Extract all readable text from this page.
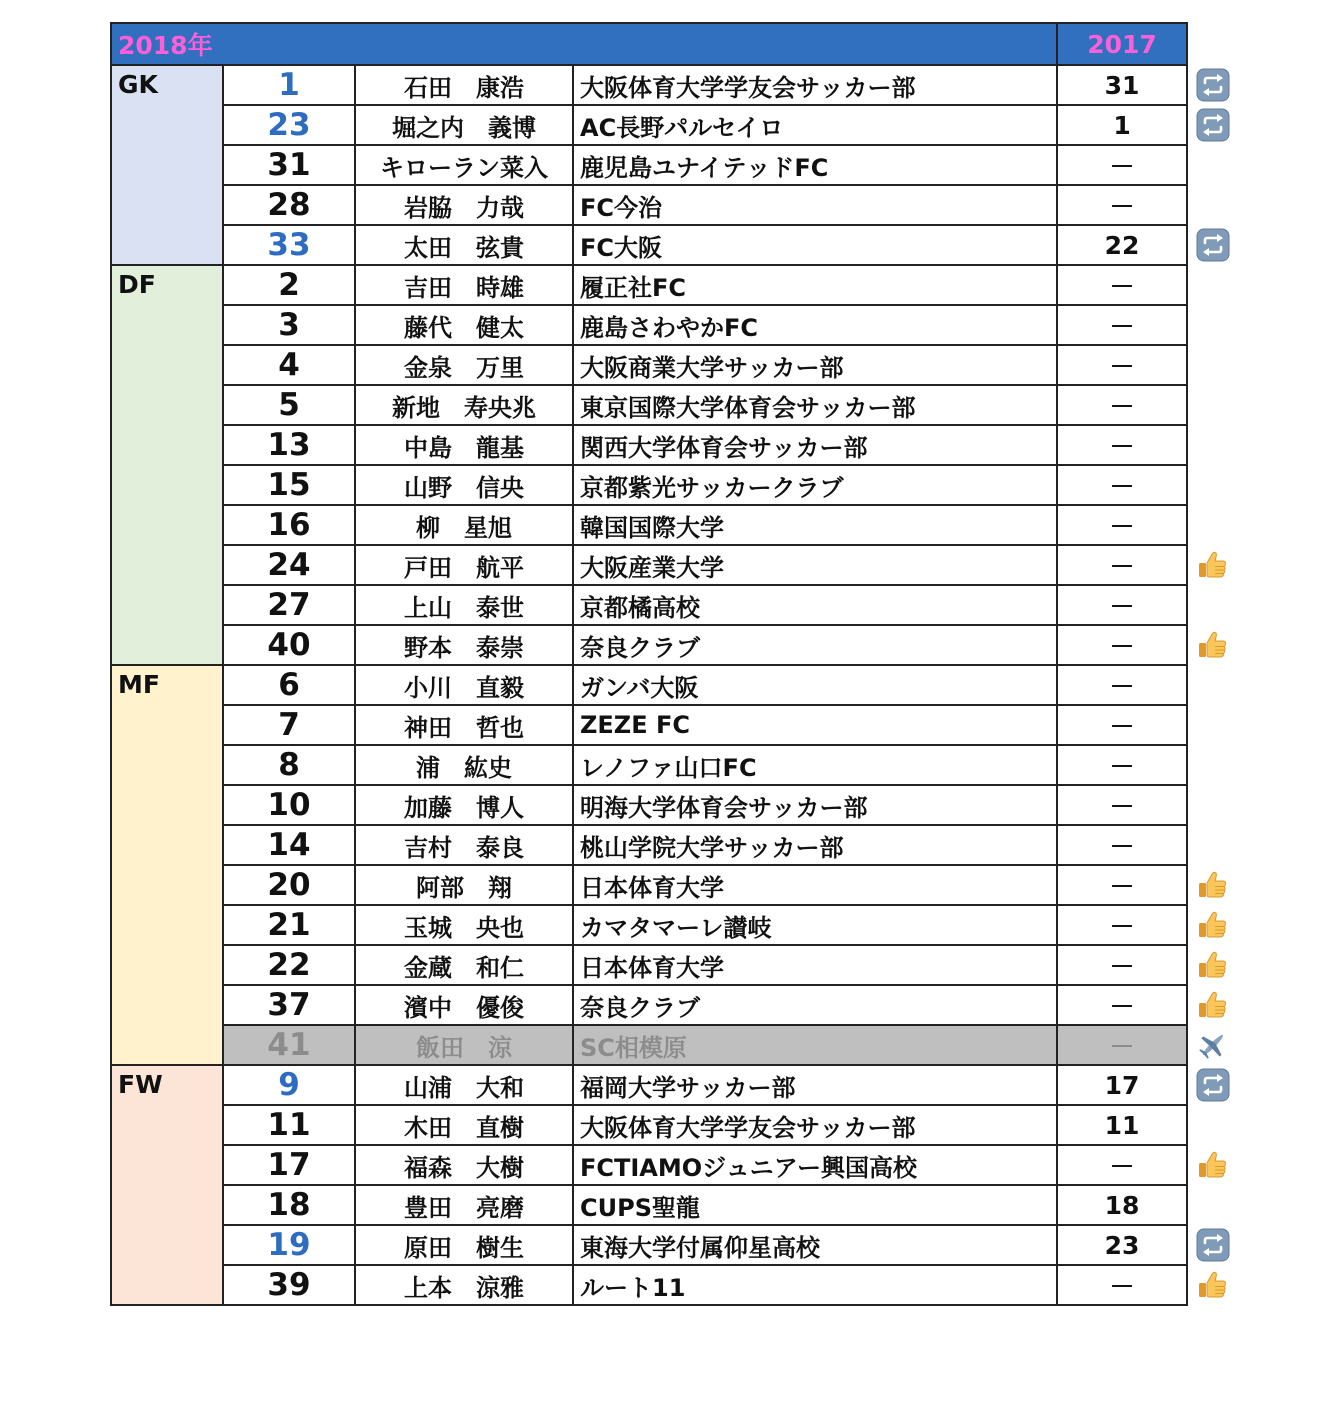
2018年				2017
GK	1	石田　康浩	大阪体育大学学友会サッカー部	31
	23	堀之内　義博	AC長野パルセイロ	1
	31	キローラン菜入	鹿児島ユナイテッドFC	－
	28	岩脇　力哉	FC今治	－
	33	太田　弦貴	FC大阪	22
DF	2	吉田　時雄	履正社FC	－
	3	藤代　健太	鹿島さわやかFC	－
	4	金泉　万里	大阪商業大学サッカー部	－
	5	新地　寿央兆	東京国際大学体育会サッカー部	－
	13	中島　龍基	関西大学体育会サッカー部	－
	15	山野　信央	京都紫光サッカークラブ	－
	16	柳　星旭	韓国国際大学	－
	24	戸田　航平	大阪産業大学	－
	27	上山　泰世	京都橘高校	－
	40	野本　泰崇	奈良クラブ	－
MF	6	小川　直毅	ガンバ大阪	－
	7	神田　哲也	ZEZE FC	－
	8	浦　紘史	レノファ山口FC	－
	10	加藤　博人	明海大学体育会サッカー部	－
	14	吉村　泰良	桃山学院大学サッカー部	－
	20	阿部　翔	日本体育大学	－
	21	玉城　央也	カマタマーレ讃岐	－
	22	金蔵　和仁	日本体育大学	－
	37	濱中　優俊	奈良クラブ	－
	41	飯田　涼	SC相模原	－
FW	9	山浦　大和	福岡大学サッカー部	17
	11	木田　直樹	大阪体育大学学友会サッカー部	11
	17	福森　大樹	FCTIAMOジュニアー興国高校	－
	18	豊田　亮磨	CUPS聖龍	18
	19	原田　樹生	東海大学付属仰星高校	23
	39	上本　涼雅	ルート11	－
